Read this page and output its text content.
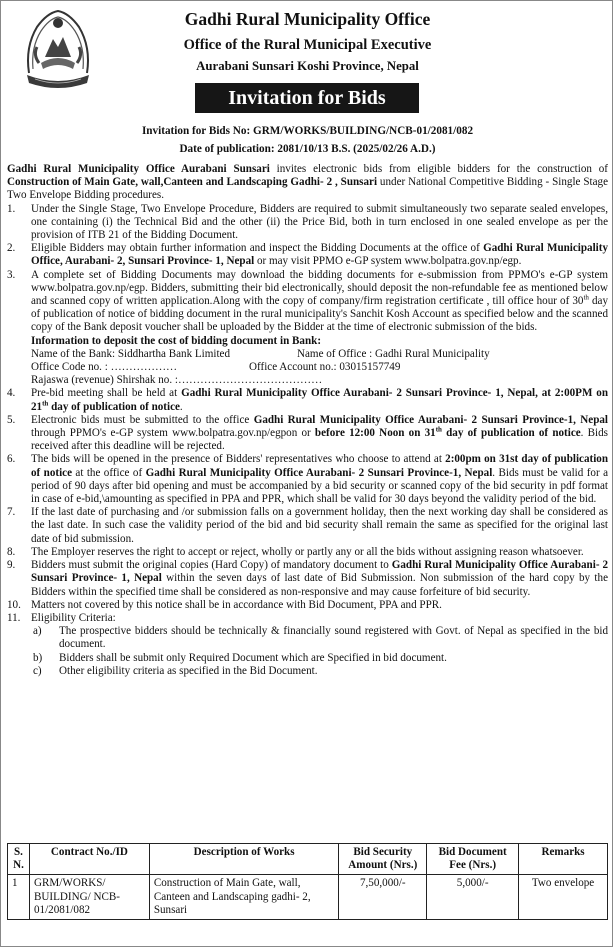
Gadhi Rural Municipality Office
Office of the Rural Municipal Executive
Aurabani Sunsari Koshi Province, Nepal
Invitation for Bids
Invitation for Bids No: GRM/WORKS/BUILDING/NCB-01/2081/082
Date of publication: 2081/10/13 B.S. (2025/02/26 A.D.)

Gadhi Rural Municipality Office Aurabani Sunsari invites electronic bids from eligible bidders for the construction of Construction of Main Gate, wall,Canteen and Landscaping Gadhi- 2 , Sunsari under National Competitive Bidding - Single Stage Two Envelope Bidding procedures.

1. Under the Single Stage, Two Envelope Procedure, Bidders are required to submit simultaneously two separate sealed envelopes, one containing (i) the Technical Bid and the other (ii) the Price Bid, both in turn enclosed in one sealed envelope as per the provision of ITB 21 of the Bidding Document.
2. Eligible Bidders may obtain further information and inspect the Bidding Documents at the office of Gadhi Rural Municipality Office, Aurabani- 2, Sunsari Province- 1, Nepal or may visit PPMO e-GP system www.bolpatra.gov.np/egp.
3. A complete set of Bidding Documents may download the bidding documents for e-submission from PPMO's e-GP system www.bolpatra.gov.np/egp. Bidders, submitting their bid electronically, should deposit the non-refundable fee as mentioned below and scanned copy of written application.Along with the copy of company/firm registration certificate , till office hour of 30th day of publication of notice of bidding document in the rural municipality's Sanchit Kosh Account as specified below and the scanned copy of the Bank deposit voucher shall be uploaded by the Bidder at the time of electronic submission of the bids.
Information to deposit the cost of bidding document in Bank:
Name of the Bank: Siddhartha Bank Limited	Name of Office : Gadhi Rural Municipality
Office Code no. : ………………	Office Account no.: 03015157749
Rajaswa (revenue) Shirshak no. :…………………………………
4. Pre-bid meeting shall be held at Gadhi Rural Municipality Office Aurabani- 2 Sunsari Province- 1, Nepal, at 2:00PM on 21th day of publication of notice.
5. Electronic bids must be submitted to the office Gadhi Rural Municipality Office Aurabani- 2 Sunsari Province-1, Nepal through PPMO's e-GP system www.bolpatra.gov.np/egpon or before 12:00 Noon on 31th day of publication of notice. Bids received after this deadline will be rejected.
6. The bids will be opened in the presence of Bidders' representatives who choose to attend at 2:00pm on 31st day of publication of notice at the office of Gadhi Rural Municipality Office Aurabani- 2 Sunsari Province-1, Nepal. Bids must be valid for a period of 90 days after bid opening and must be accompanied by a bid security or scanned copy of the bid security in pdf format in case of e-bid,\amounting as specified in PPA and PPR, which shall be valid for 30 days beyond the validity period of the bid.
7. If the last date of purchasing and /or submission falls on a government holiday, then the next working day shall be considered as the last date. In such case the validity period of the bid and bid security shall remain the same as specified for the original last date of bid submission.
8. The Employer reserves the right to accept or reject, wholly or partly any or all the bids without assigning reason whatsoever.
9. Bidders must submit the original copies (Hard Copy) of mandatory document to Gadhi Rural Municipality Office Aurabani- 2 Sunsari Province- 1, Nepal within the seven days of last date of Bid Submission. Non submission of the hard copy by the Bidders within the specified time shall be considered as non-responsive and may cause forfeiture of bid security.
10. Matters not covered by this notice shall be in accordance with Bid Document, PPA and PPR.
11. Eligibility Criteria:
a) The prospective bidders should be technically & financially sound registered with Govt. of Nepal as specified in the bid document.
b) Bidders shall be submit only Required Document which are Specified in bid document.
c) Other eligibility criteria as specified in the Bid Document.
S. N.	Contract No./ID	Description of Works	Bid Security Amount (Nrs.)	Bid Document Fee (Nrs.)	Remarks
1	GRM/WORKS/ BUILDING/ NCB-01/2081/082	Construction of Main Gate, wall, Canteen and Landscaping gadhi- 2, Sunsari	7,50,000/-	5,000/-	Two envelope
